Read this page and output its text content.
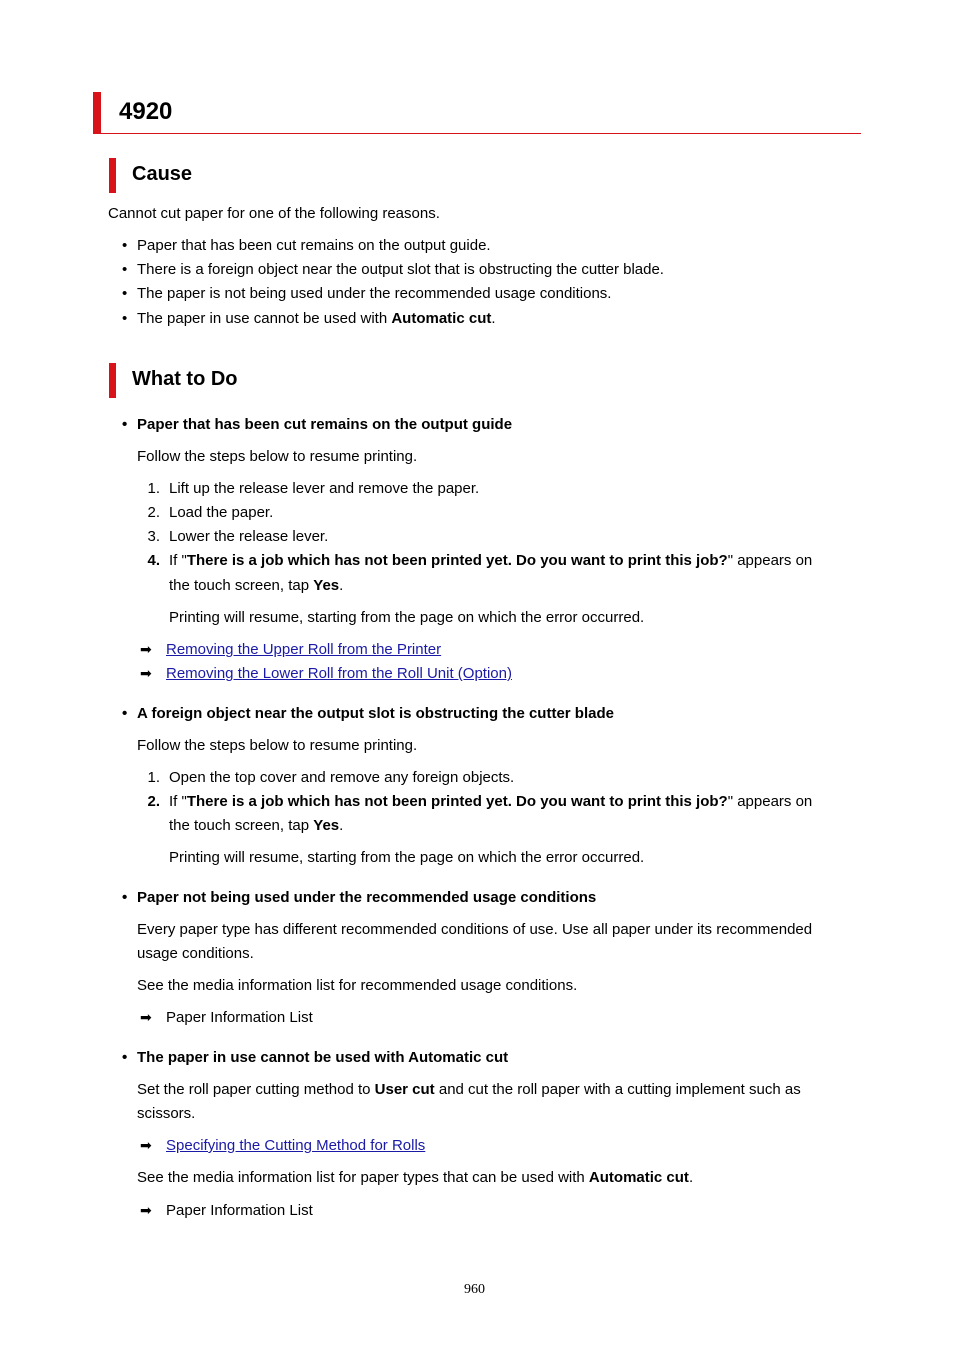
4920
Cause
Cannot cut paper for one of the following reasons.
• Paper that has been cut remains on the output guide.
• There is a foreign object near the output slot that is obstructing the cutter blade.
• The paper is not being used under the recommended usage conditions.
• The paper in use cannot be used with Automatic cut.
What to Do
• Paper that has been cut remains on the output guide
Follow the steps below to resume printing.
1. Lift up the release lever and remove the paper.
2. Load the paper.
3. Lower the release lever.
4. If "There is a job which has not been printed yet. Do you want to print this job?" appears on
the touch screen, tap Yes.
Printing will resume, starting from the page on which the error occurred.
➡ Removing the Upper Roll from the Printer
➡ Removing the Lower Roll from the Roll Unit (Option)
• A foreign object near the output slot is obstructing the cutter blade
Follow the steps below to resume printing.
1. Open the top cover and remove any foreign objects.
2. If "There is a job which has not been printed yet. Do you want to print this job?" appears on
the touch screen, tap Yes.
Printing will resume, starting from the page on which the error occurred.
• Paper not being used under the recommended usage conditions
Every paper type has different recommended conditions of use. Use all paper under its recommended
usage conditions.
See the media information list for recommended usage conditions.
➡ Paper Information List
• The paper in use cannot be used with Automatic cut
Set the roll paper cutting method to User cut and cut the roll paper with a cutting implement such as
scissors.
➡ Specifying the Cutting Method for Rolls
See the media information list for paper types that can be used with Automatic cut.
➡ Paper Information List
960
